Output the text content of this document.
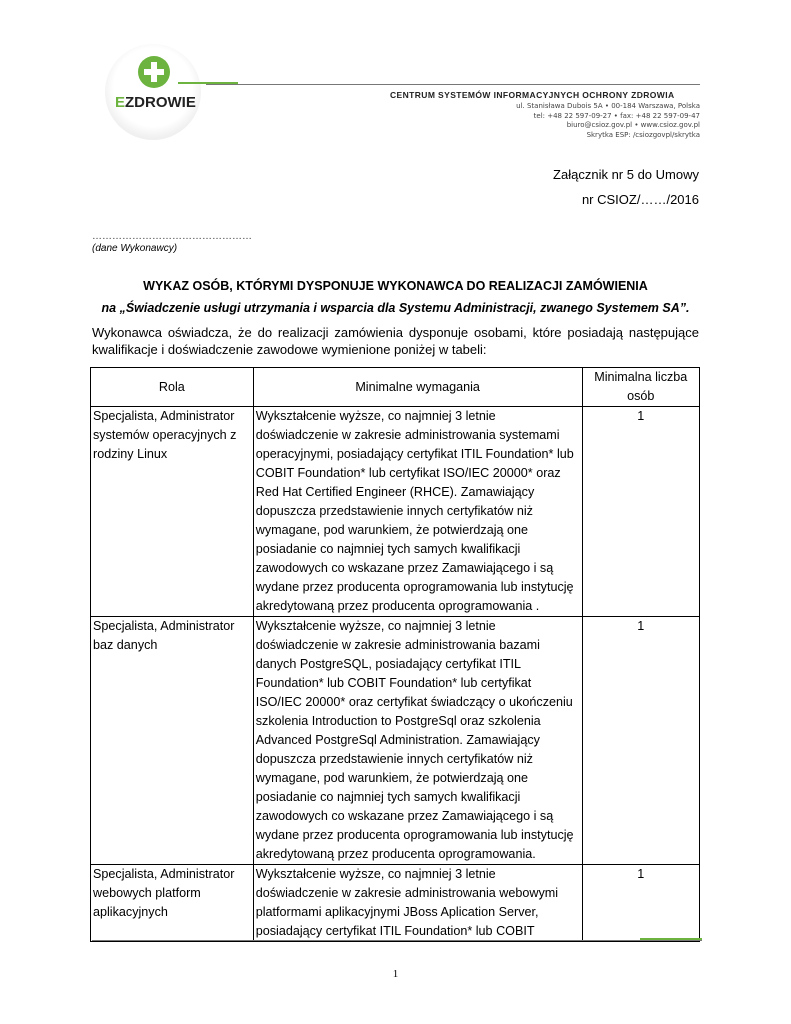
EZDROWIE	CENTRUM SYSTEMÓW INFORMACYJNYCH OCHRONY ZDROWIA
ul. Stanisława Dubois 5A • 00-184 Warszawa, Polska
tel: +48 22 597-09-27 • fax: +48 22 597-09-47
biuro@csioz.gov.pl • www.csioz.gov.pl
Skrytka ESP: /csiozgovpl/skrytka
Załącznik nr 5 do Umowy
nr CSIOZ/……/2016
…………………………………………
(dane Wykonawcy)
WYKAZ OSÓB, KTÓRYMI DYSPONUJE WYKONAWCA DO REALIZACJI ZAMÓWIENIA
na „Świadczenie usługi utrzymania i wsparcia dla Systemu Administracji, zwanego Systemem SA”.
Wykonawca oświadcza, że do realizacji zamówienia dysponuje osobami, które posiadają następujące kwalifikacje i doświadczenie zawodowe wymienione poniżej w tabeli:
Rola	Minimalne wymagania	Minimalna liczba osób
Specjalista, Administrator systemów operacyjnych z rodziny Linux	Wykształcenie wyższe, co najmniej 3 letnie doświadczenie w zakresie administrowania systemami operacyjnymi, posiadający certyfikat ITIL Foundation* lub COBIT Foundation* lub certyfikat ISO/IEC 20000* oraz Red Hat Certified Engineer (RHCE). Zamawiający dopuszcza przedstawienie innych certyfikatów niż wymagane, pod warunkiem, że potwierdzają one posiadanie co najmniej tych samych kwalifikacji zawodowych co wskazane przez Zamawiającego i są wydane przez producenta oprogramowania lub instytucję akredytowaną przez producenta oprogramowania .	1
Specjalista, Administrator baz danych	Wykształcenie wyższe, co najmniej 3 letnie doświadczenie w zakresie administrowania bazami danych PostgreSQL, posiadający certyfikat ITIL Foundation* lub COBIT Foundation* lub certyfikat ISO/IEC 20000* oraz certyfikat świadczący o ukończeniu szkolenia Introduction to PostgreSql oraz szkolenia Advanced PostgreSql Administration. Zamawiający dopuszcza przedstawienie innych certyfikatów niż wymagane, pod warunkiem, że potwierdzają one posiadanie co najmniej tych samych kwalifikacji zawodowych co wskazane przez Zamawiającego i są wydane przez producenta oprogramowania lub instytucję akredytowaną przez producenta oprogramowania.	1
Specjalista, Administrator webowych platform aplikacyjnych	Wykształcenie wyższe, co najmniej 3 letnie doświadczenie w zakresie administrowania webowymi platformami aplikacyjnymi JBoss Aplication Server, posiadający certyfikat ITIL Foundation* lub COBIT	1
1
